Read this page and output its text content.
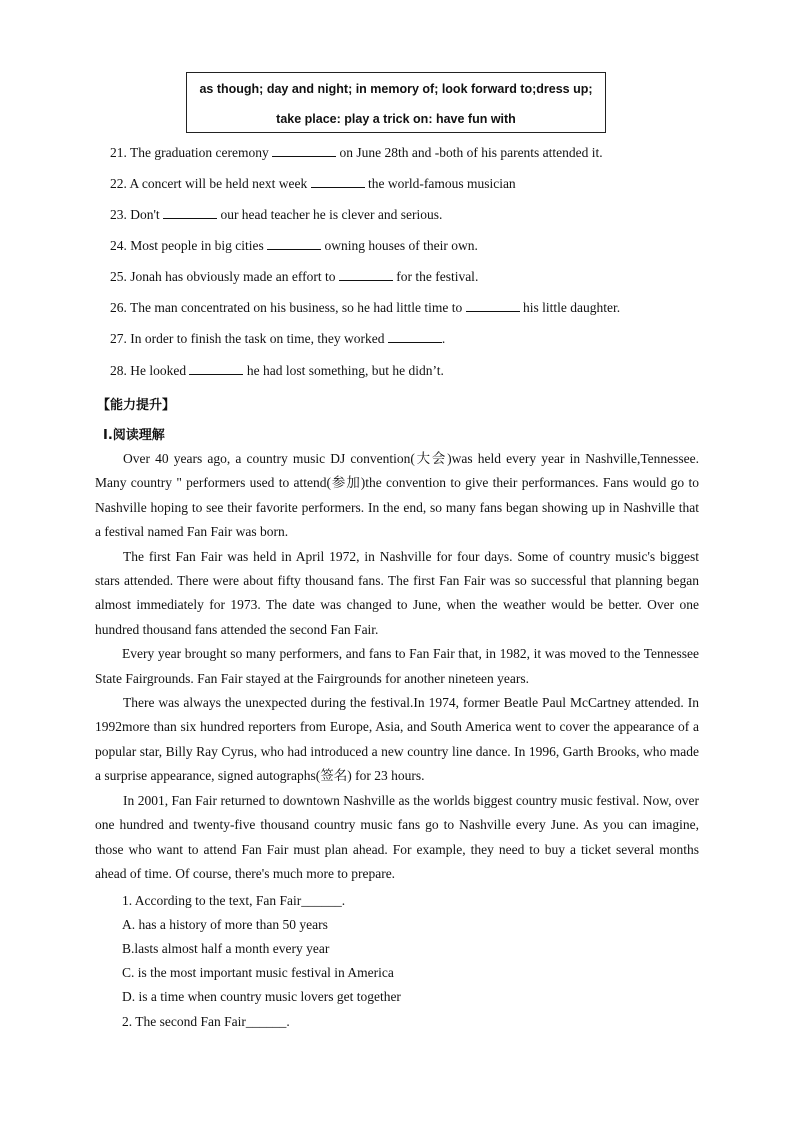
as though; day and night; in memory of; look forward to;dress up;
take place: play a trick on: have fun with
21. The graduation ceremony	on June 28th and -both of his parents attended it.
22. A concert will be held next week	the world-famous musician
23. Don't	our head teacher he is clever and serious.
24. Most people in big cities	owning houses of their own.
25. Jonah has obviously made an effort to	for the festival.
26. The man concentrated on his business, so he had little time to	his little daughter.
27. In order to finish the task on time, they worked	.
28. He looked	he had lost something, but he didn’t.
【能力提升】
Ⅰ.阅读理解

Over 40 years ago, a country music DJ convention(大会)was held every year in Nashville,Tennessee. Many country " performers used to attend(参加)the convention to give their performances. Fans would go to Nashville hoping to see their favorite performers. In the end, so many fans began showing up in Nashville that a festival named Fan Fair was born.

The first Fan Fair was held in April 1972, in Nashville for four days. Some of country music's biggest stars attended. There were about fifty thousand fans. The first Fan Fair was so successful that planning began almost immediately for 1973. The date was changed to June, when the weather would be better. Over one hundred thousand fans attended the second Fan Fair.

Every year brought so many performers, and fans to Fan Fair that, in 1982, it was moved to the Tennessee State Fairgrounds. Fan Fair stayed at the Fairgrounds for another nineteen years.

There was always the unexpected during the festival.In 1974, former Beatle Paul McCartney attended. In 1992more than six hundred reporters from Europe, Asia, and South America went to cover the appearance of a popular star, Billy Ray Cyrus, who had introduced a new country line dance. In 1996, Garth Brooks, who made a surprise appearance, signed autographs(签名) for 23 hours.

In 2001, Fan Fair returned to downtown Nashville as the worlds biggest country music festival. Now, over one hundred and twenty-five thousand country music fans go to Nashville every June. As you can imagine, those who want to attend Fan Fair must plan ahead. For example, they need to buy a ticket several months ahead of time. Of course, there's much more to prepare.

1. According to the text, Fan Fair______.
A. has a history of more than 50 years
B.lasts almost half a month every year
C. is the most important music festival in America
D. is a time when country music lovers get together
2. The second Fan Fair______.
